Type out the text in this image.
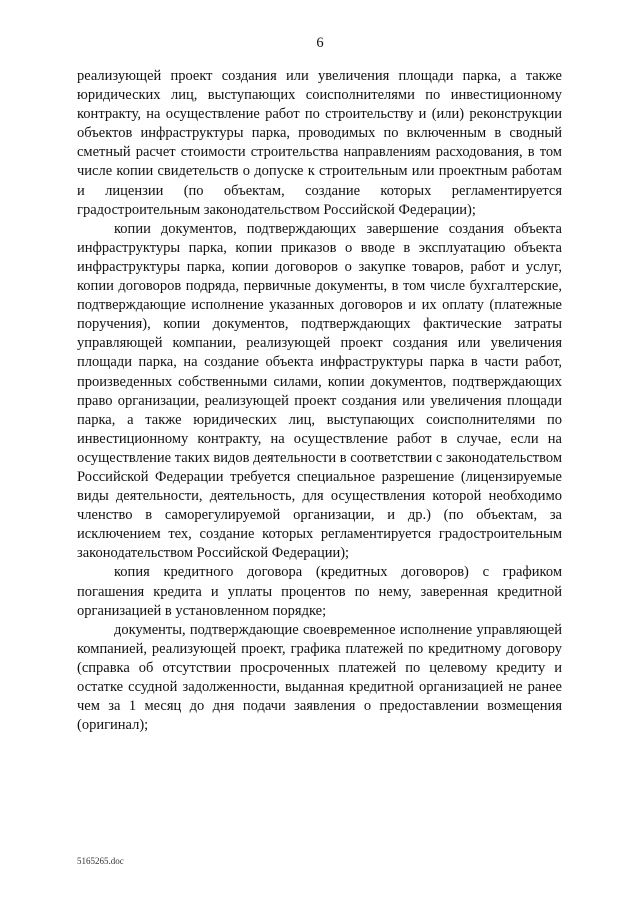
6

реализующей проект создания или увеличения площади парка, а также юридических лиц, выступающих соисполнителями по инвестиционному контракту, на осуществление работ по строительству и (или) реконструкции объектов инфраструктуры парка, проводимых по включенным в сводный сметный расчет стоимости строительства направлениям расходования, в том числе копии свидетельств о допуске к строительным или проектным работам и лицензии (по объектам, создание которых регламентируется градостроительным законодательством Российской Федерации);

копии документов, подтверждающих завершение создания объекта инфраструктуры парка, копии приказов о вводе в эксплуатацию объекта инфраструктуры парка, копии договоров о закупке товаров, работ и услуг, копии договоров подряда, первичные документы, в том числе бухгалтерские, подтверждающие исполнение указанных договоров и их оплату (платежные поручения), копии документов, подтверждающих фактические затраты управляющей компании, реализующей проект создания или увеличения площади парка, на создание объекта инфраструктуры парка в части работ, произведенных собственными силами, копии документов, подтверждающих право организации, реализующей проект создания или увеличения площади парка, а также юридических лиц, выступающих соисполнителями по инвестиционному контракту, на осуществление работ в случае, если на осуществление таких видов деятельности в соответствии с законодательством Российской Федерации требуется специальное разрешение (лицензируемые виды деятельности, деятельность, для осуществления которой необходимо членство в саморегулируемой организации, и др.) (по объектам, за исключением тех, создание которых регламентируется градостроительным законодательством Российской Федерации);

копия кредитного договора (кредитных договоров) с графиком погашения кредита и уплаты процентов по нему, заверенная кредитной организацией в установленном порядке;

документы, подтверждающие своевременное исполнение управляющей компанией, реализующей проект, графика платежей по кредитному договору (справка об отсутствии просроченных платежей по целевому кредиту и остатке ссудной задолженности, выданная кредитной организацией не ранее чем за 1 месяц до дня подачи заявления о предоставлении возмещения (оригинал);

5165265.doc
